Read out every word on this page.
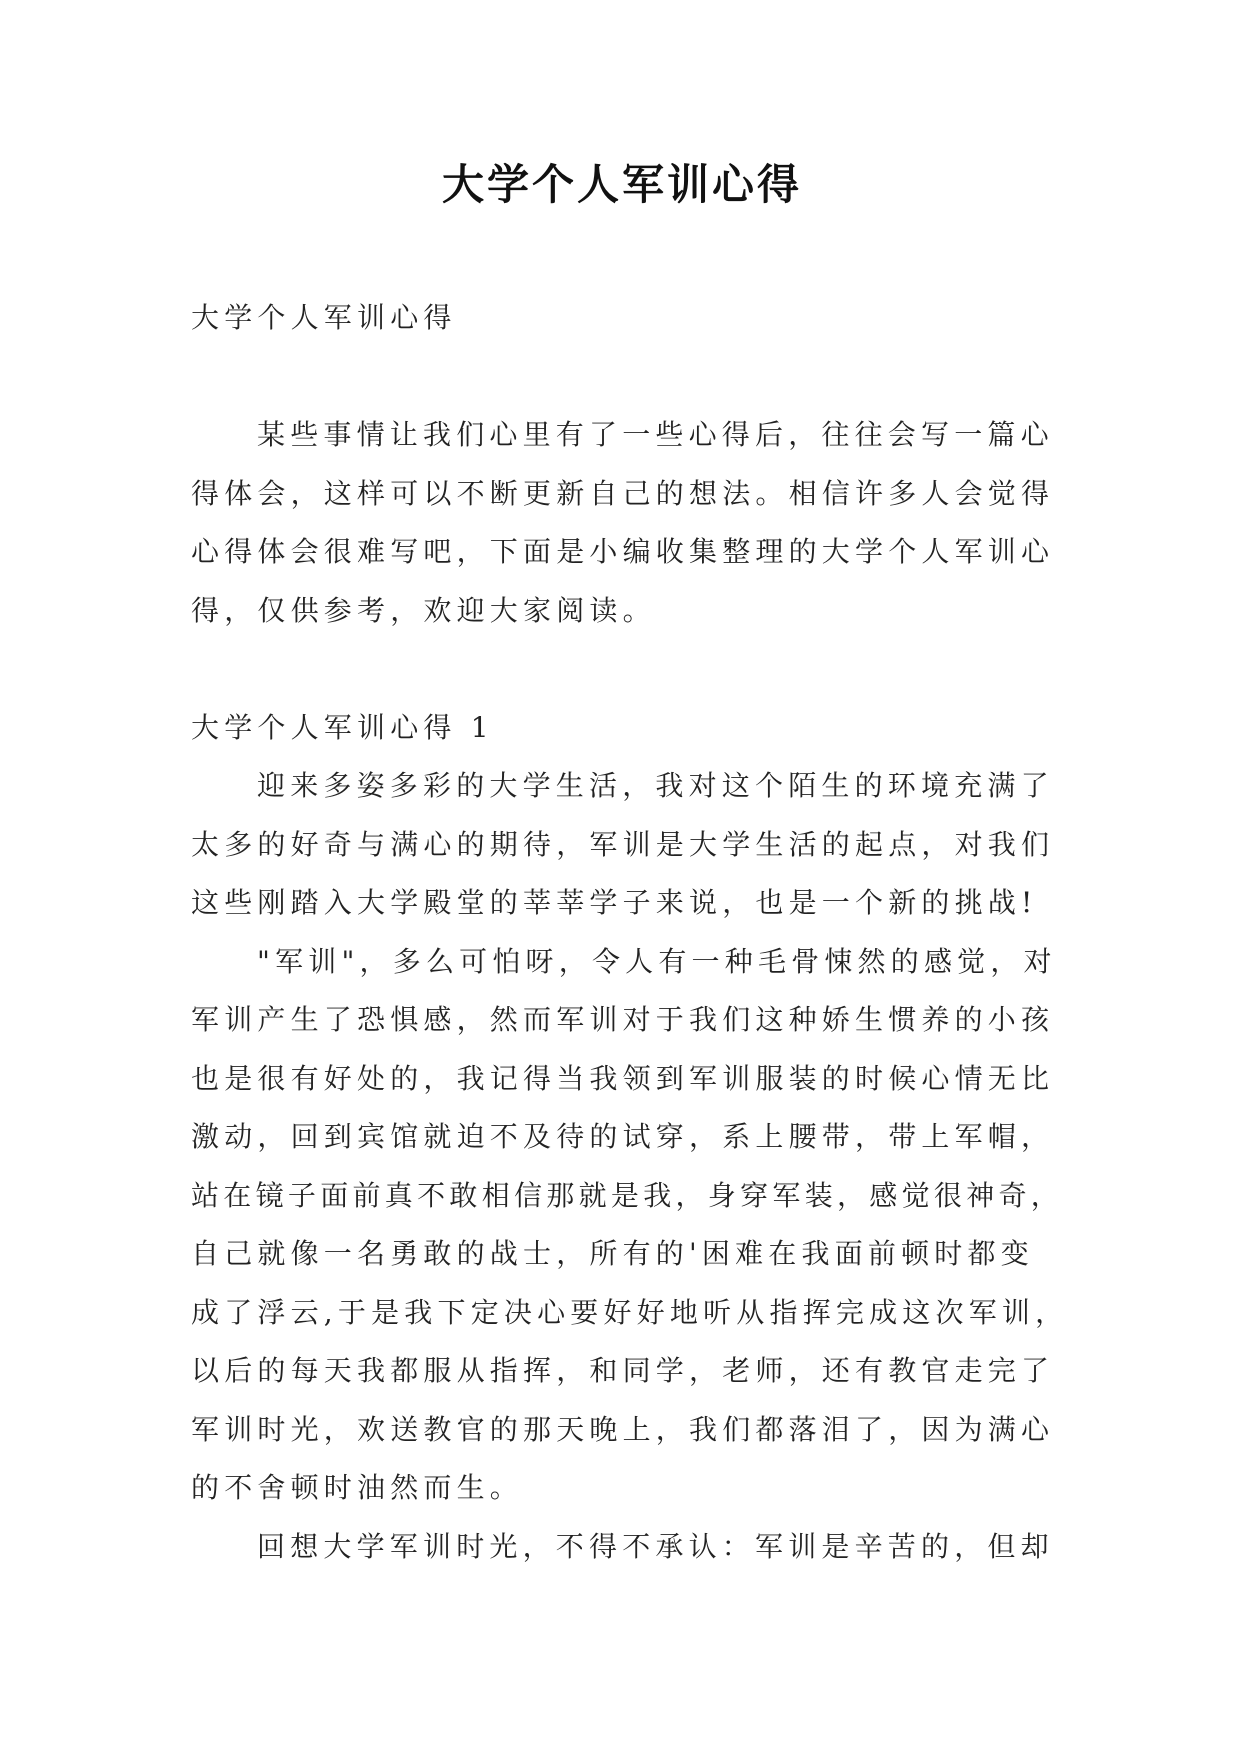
大学个人军训心得
大学个人军训心得
某些事情让我们心里有了一些心得后，往往会写一篇心
得体会，这样可以不断更新自己的想法。相信许多人会觉得
心得体会很难写吧，下面是小编收集整理的大学个人军训心
得，仅供参考，欢迎大家阅读。
大学个人军训心得 1
迎来多姿多彩的大学生活，我对这个陌生的环境充满了
太多的好奇与满心的期待，军训是大学生活的起点，对我们
这些刚踏入大学殿堂的莘莘学子来说，也是一个新的挑战!
"军训"，多么可怕呀，令人有一种毛骨悚然的感觉，对
军训产生了恐惧感，然而军训对于我们这种娇生惯养的小孩
也是很有好处的，我记得当我领到军训服装的时候心情无比
激动，回到宾馆就迫不及待的试穿，系上腰带，带上军帽，
站在镜子面前真不敢相信那就是我，身穿军装，感觉很神奇，
自己就像一名勇敢的战士，所有的'困难在我面前顿时都变
成了浮云,于是我下定决心要好好地听从指挥完成这次军训，
以后的每天我都服从指挥，和同学，老师，还有教官走完了
军训时光，欢送教官的那天晚上，我们都落泪了，因为满心
的不舍顿时油然而生。
回想大学军训时光，不得不承认：军训是辛苦的，但却
